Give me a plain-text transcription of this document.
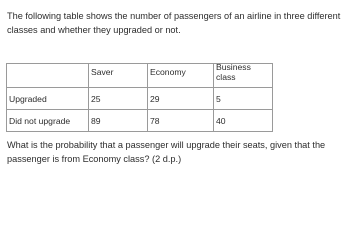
The following table shows the number of passengers of an airline in three different classes and whether they upgraded or not.

	Saver	Economy	Business class
Upgraded	25	29	5
Did not upgrade	89	78	40

What is the probability that a passenger will upgrade their seats, given that the passenger is from Economy class? (2 d.p.)
